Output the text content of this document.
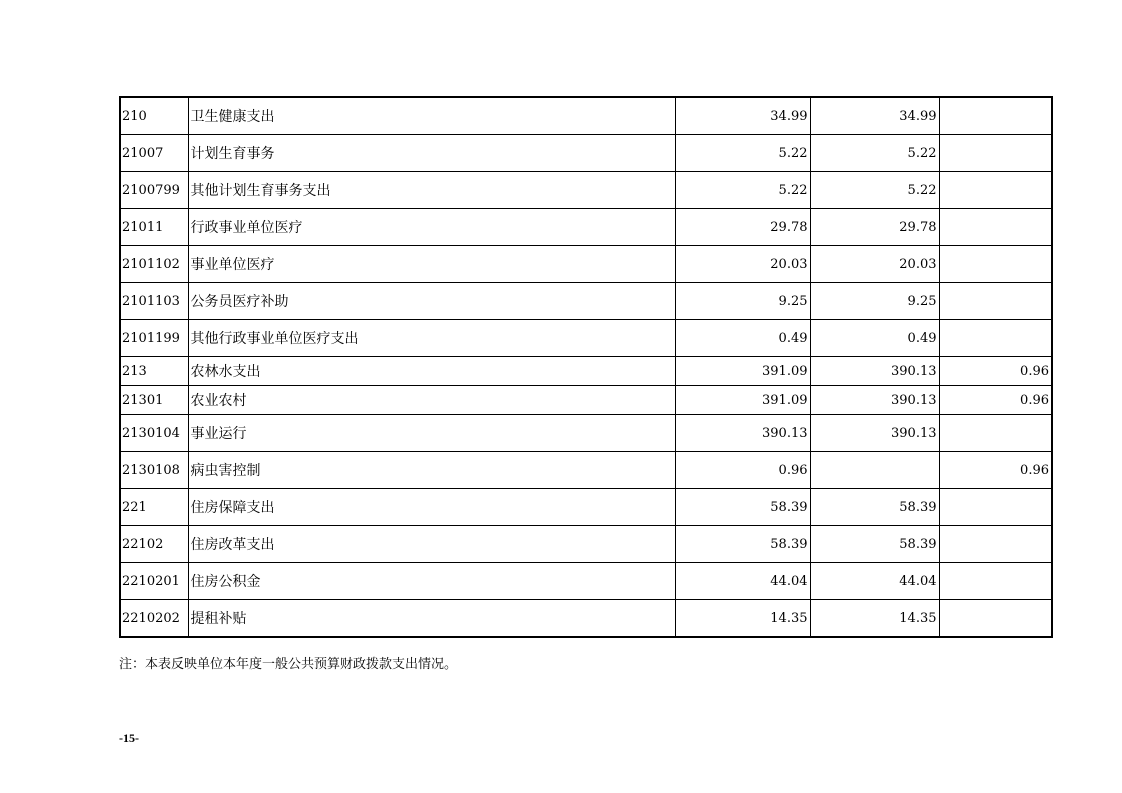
210	卫生健康支出	34.99	34.99	
21007	计划生育事务	5.22	5.22	
2100799	其他计划生育事务支出	5.22	5.22	
21011	行政事业单位医疗	29.78	29.78	
2101102	事业单位医疗	20.03	20.03	
2101103	公务员医疗补助	9.25	9.25	
2101199	其他行政事业单位医疗支出	0.49	0.49	
213	农林水支出	391.09	390.13	0.96
21301	农业农村	391.09	390.13	0.96
2130104	事业运行	390.13	390.13	
2130108	病虫害控制	0.96		0.96
221	住房保障支出	58.39	58.39	
22102	住房改革支出	58.39	58.39	
2210201	住房公积金	44.04	44.04	
2210202	提租补贴	14.35	14.35	
注：本表反映单位本年度一般公共预算财政拨款支出情况。
-15-
